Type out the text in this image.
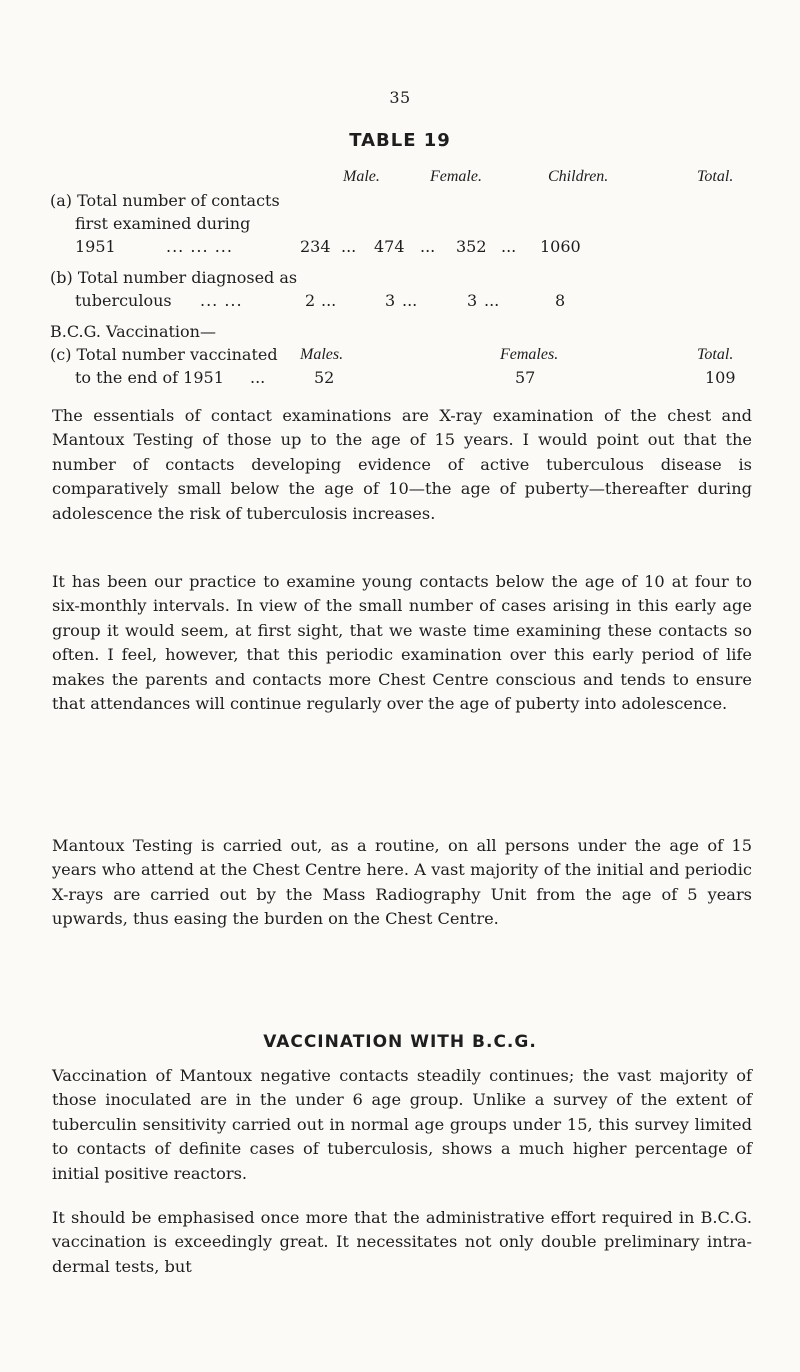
35
TABLE 19
Male.	Female.	Children.	Total.
(a) Total number of contacts
first examined during
1951	... ... ...	234 ... 474 ... 352 ... 1060
(b) Total number diagnosed as
tuberculous ... ...	2 ...	3 ...	3 ...	8
B.C.G. Vaccination—
(c) Total number vaccinated Males.	Females.	Total.
to the end of 1951 ...	52	57	109

The essentials of contact examinations are X-ray examination of the chest and Mantoux Testing of those up to the age of 15 years. I would point out that the number of contacts developing evidence of active tuberculous disease is comparatively small below the age of 10—the age of puberty—thereafter during adolescence the risk of tuberculosis increases.

It has been our practice to examine young contacts below the age of 10 at four to six-monthly intervals. In view of the small number of cases arising in this early age group it would seem, at first sight, that we waste time examining these contacts so often. I feel, however, that this periodic examination over this early period of life makes the parents and contacts more Chest Centre conscious and tends to ensure that attendances will continue regularly over the age of puberty into adolescence.

Mantoux Testing is carried out, as a routine, on all persons under the age of 15 years who attend at the Chest Centre here. A vast majority of the initial and periodic X-rays are carried out by the Mass Radiography Unit from the age of 5 years upwards, thus easing the burden on the Chest Centre.

VACCINATION WITH B.C.G.

Vaccination of Mantoux negative contacts steadily continues; the vast majority of those inoculated are in the under 6 age group. Unlike a survey of the extent of tuberculin sensitivity carried out in normal age groups under 15, this survey limited to contacts of definite cases of tuberculosis, shows a much higher percentage of initial positive reactors.

It should be emphasised once more that the administrative effort required in B.C.G. vaccination is exceedingly great. It necessitates not only double preliminary intra-dermal tests, but
